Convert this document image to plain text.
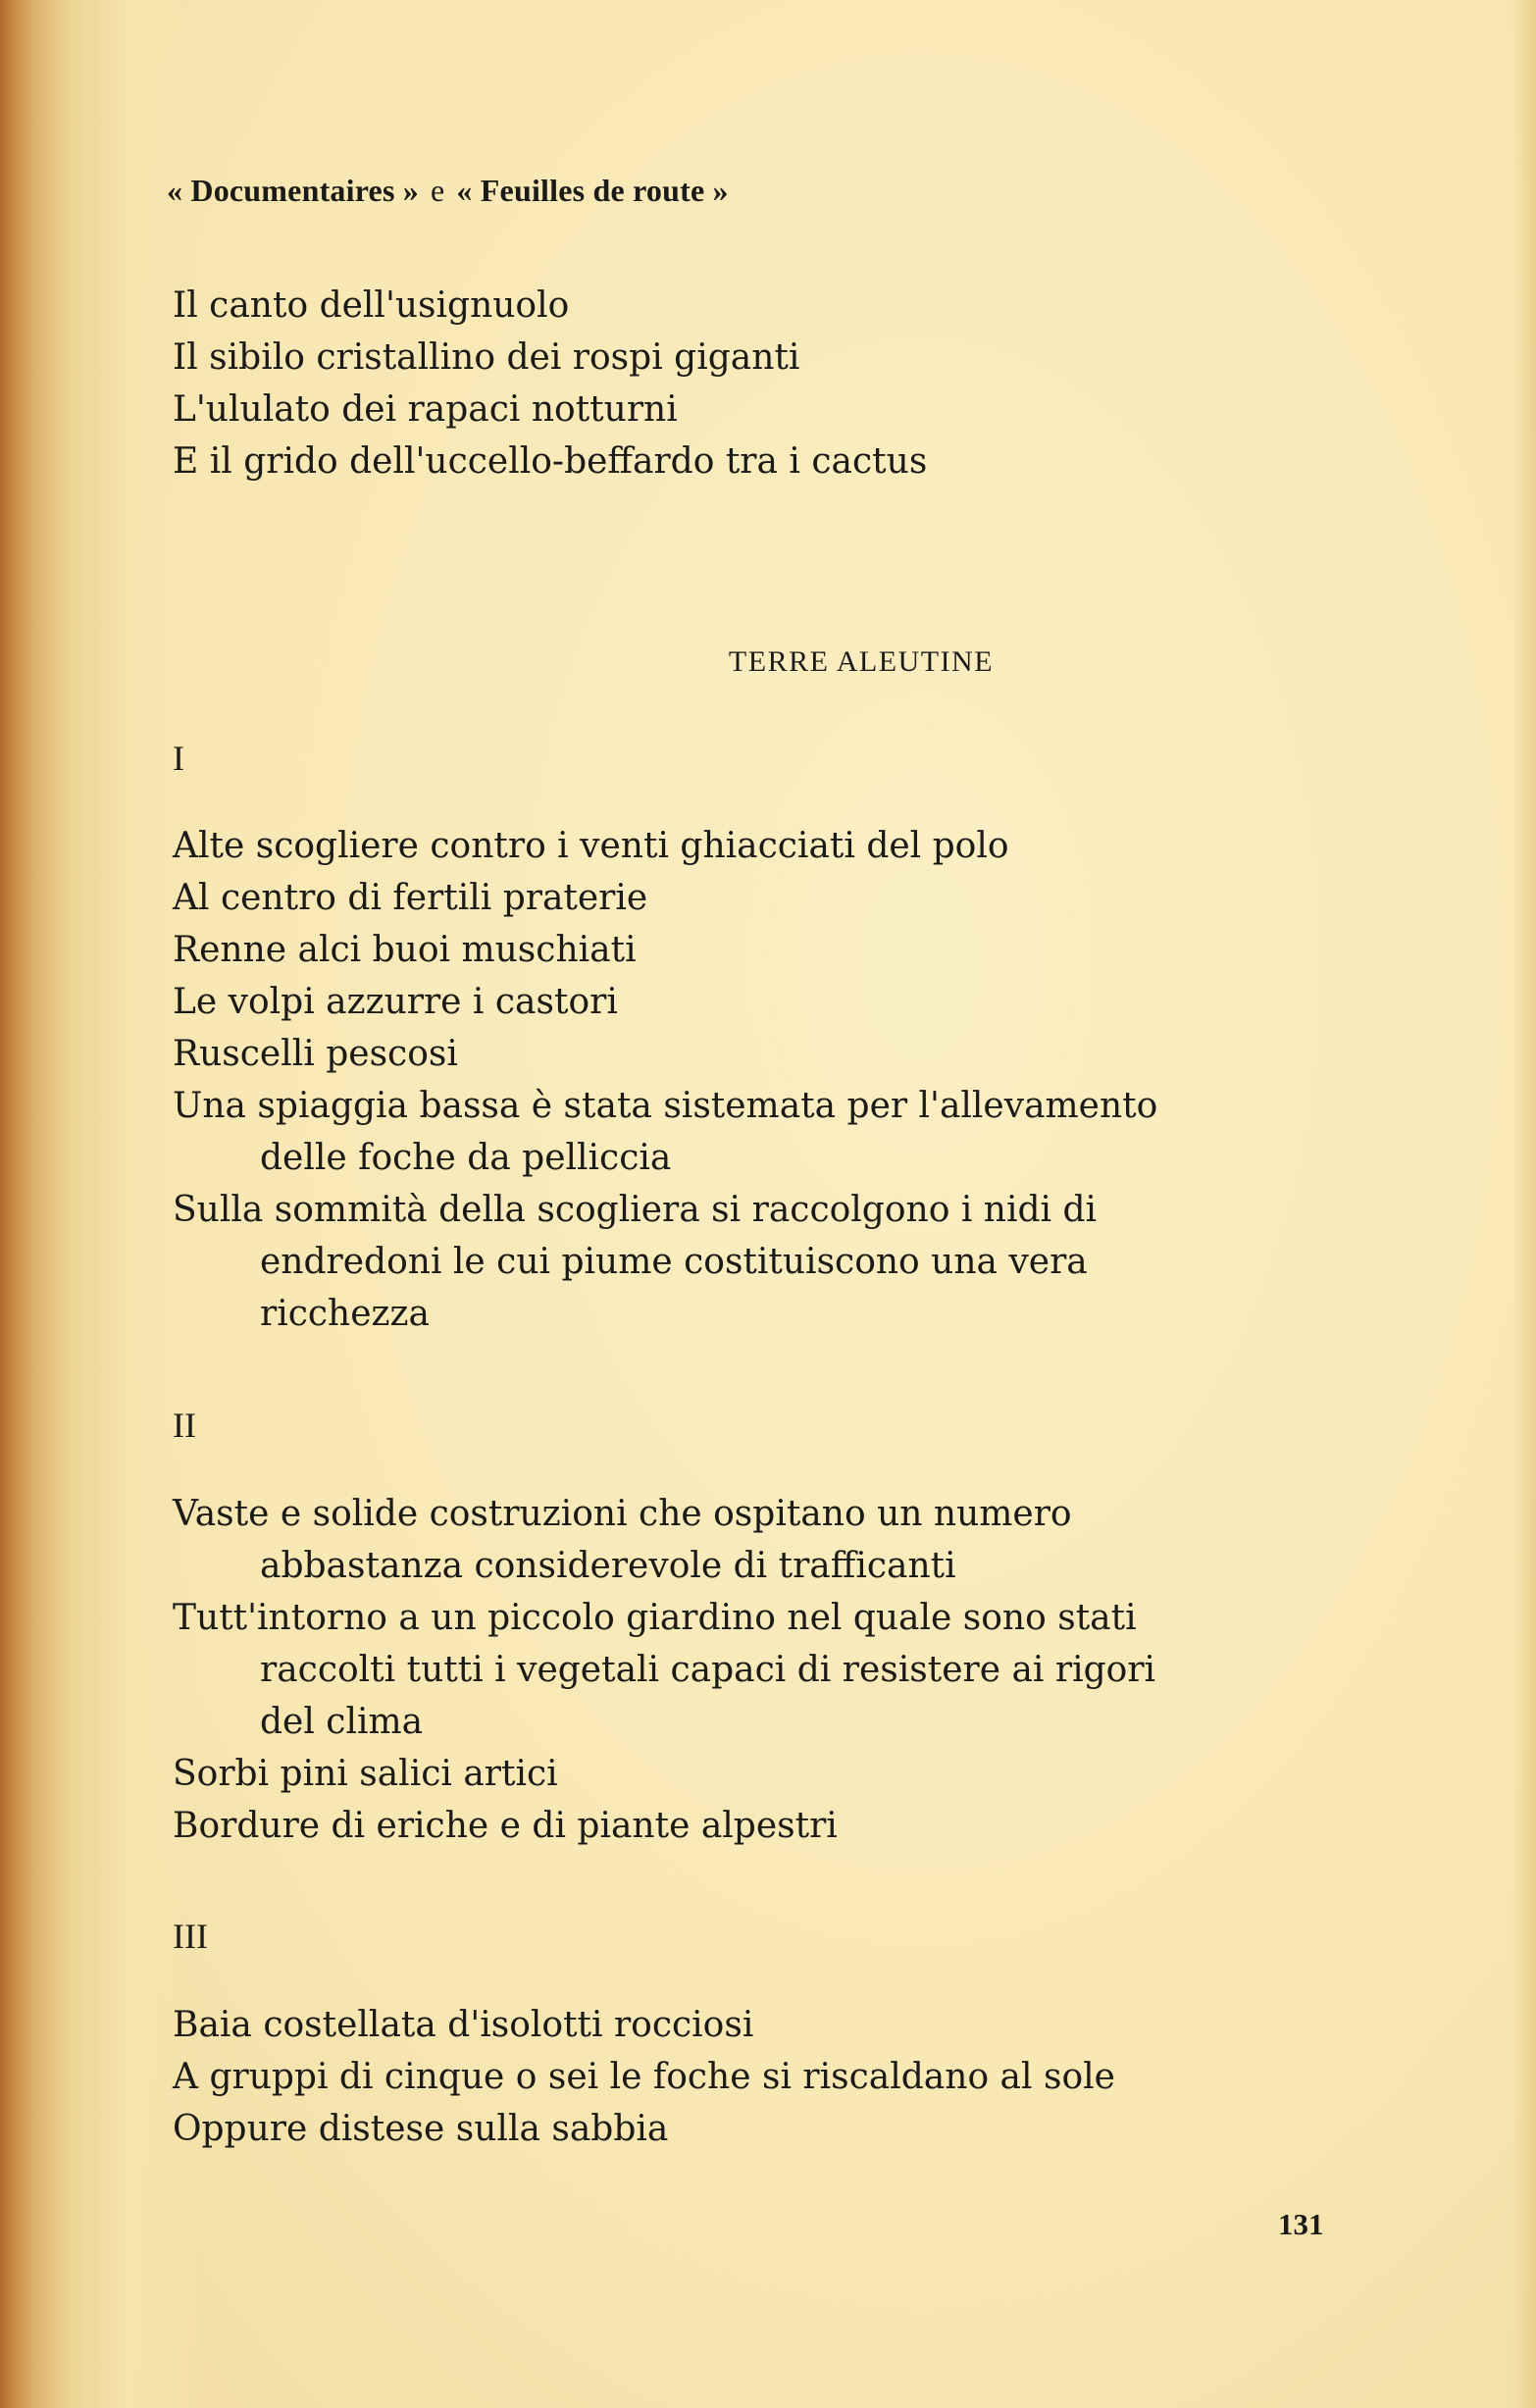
« Documentaires » e « Feuilles de route »
Il canto dell'usignuolo
Il sibilo cristallino dei rospi giganti
L'ululato dei rapaci notturni
E il grido dell'uccello-beffardo tra i cactus
TERRE ALEUTINE
I
Alte scogliere contro i venti ghiacciati del polo
Al centro di fertili praterie
Renne alci buoi muschiati
Le volpi azzurre i castori
Ruscelli pescosi
Una spiaggia bassa è stata sistemata per l'allevamento
delle foche da pelliccia
Sulla sommità della scogliera si raccolgono i nidi di
endredoni le cui piume costituiscono una vera
ricchezza
II
Vaste e solide costruzioni che ospitano un numero
abbastanza considerevole di trafficanti
Tutt'intorno a un piccolo giardino nel quale sono stati
raccolti tutti i vegetali capaci di resistere ai rigori
del clima
Sorbi pini salici artici
Bordure di eriche e di piante alpestri
III
Baia costellata d'isolotti rocciosi
A gruppi di cinque o sei le foche si riscaldano al sole
Oppure distese sulla sabbia
131
